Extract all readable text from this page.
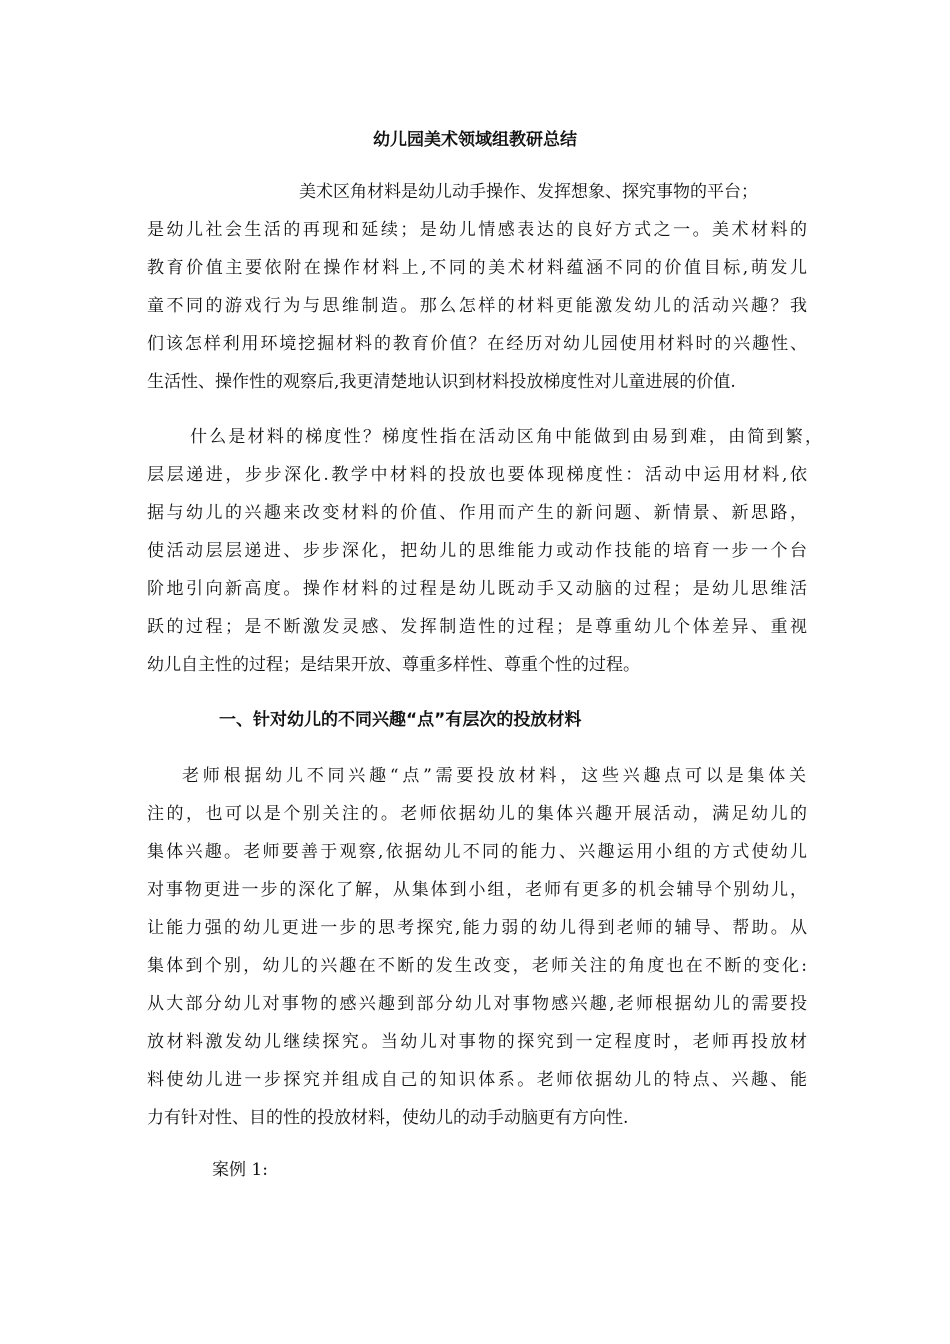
幼儿园美术领域组教研总结
美术区角材料是幼儿动手操作、发挥想象、探究事物的平台；
是幼儿社会生活的再现和延续；是幼儿情感表达的良好方式之一。美术材料的
教育价值主要依附在操作材料上,不同的美术材料蕴涵不同的价值目标,萌发儿
童不同的游戏行为与思维制造。那么怎样的材料更能激发幼儿的活动兴趣？我
们该怎样利用环境挖掘材料的教育价值？在经历对幼儿园使用材料时的兴趣性、
生活性、操作性的观察后,我更清楚地认识到材料投放梯度性对儿童进展的价值.
什么是材料的梯度性？梯度性指在活动区角中能做到由易到难，由简到繁，
层层递进，步步深化.教学中材料的投放也要体现梯度性：活动中运用材料,依
据与幼儿的兴趣来改变材料的价值、作用而产生的新问题、新情景、新思路，
使活动层层递进、步步深化，把幼儿的思维能力或动作技能的培育一步一个台
阶地引向新高度。操作材料的过程是幼儿既动手又动脑的过程；是幼儿思维活
跃的过程；是不断激发灵感、发挥制造性的过程；是尊重幼儿个体差异、重视
幼儿自主性的过程；是结果开放、尊重多样性、尊重个性的过程。
一、针对幼儿的不同兴趣“点”有层次的投放材料
老师根据幼儿不同兴趣“点”需要投放材料，这些兴趣点可以是集体关
注的，也可以是个别关注的。老师依据幼儿的集体兴趣开展活动，满足幼儿的
集体兴趣。老师要善于观察,依据幼儿不同的能力、兴趣运用小组的方式使幼儿
对事物更进一步的深化了解，从集体到小组，老师有更多的机会辅导个别幼儿，
让能力强的幼儿更进一步的思考探究,能力弱的幼儿得到老师的辅导、帮助。从
集体到个别，幼儿的兴趣在不断的发生改变，老师关注的角度也在不断的变化:
从大部分幼儿对事物的感兴趣到部分幼儿对事物感兴趣,老师根据幼儿的需要投
放材料激发幼儿继续探究。当幼儿对事物的探究到一定程度时，老师再投放材
料使幼儿进一步探究并组成自己的知识体系。老师依据幼儿的特点、兴趣、能
力有针对性、目的性的投放材料，使幼儿的动手动脑更有方向性.
案例 1:
